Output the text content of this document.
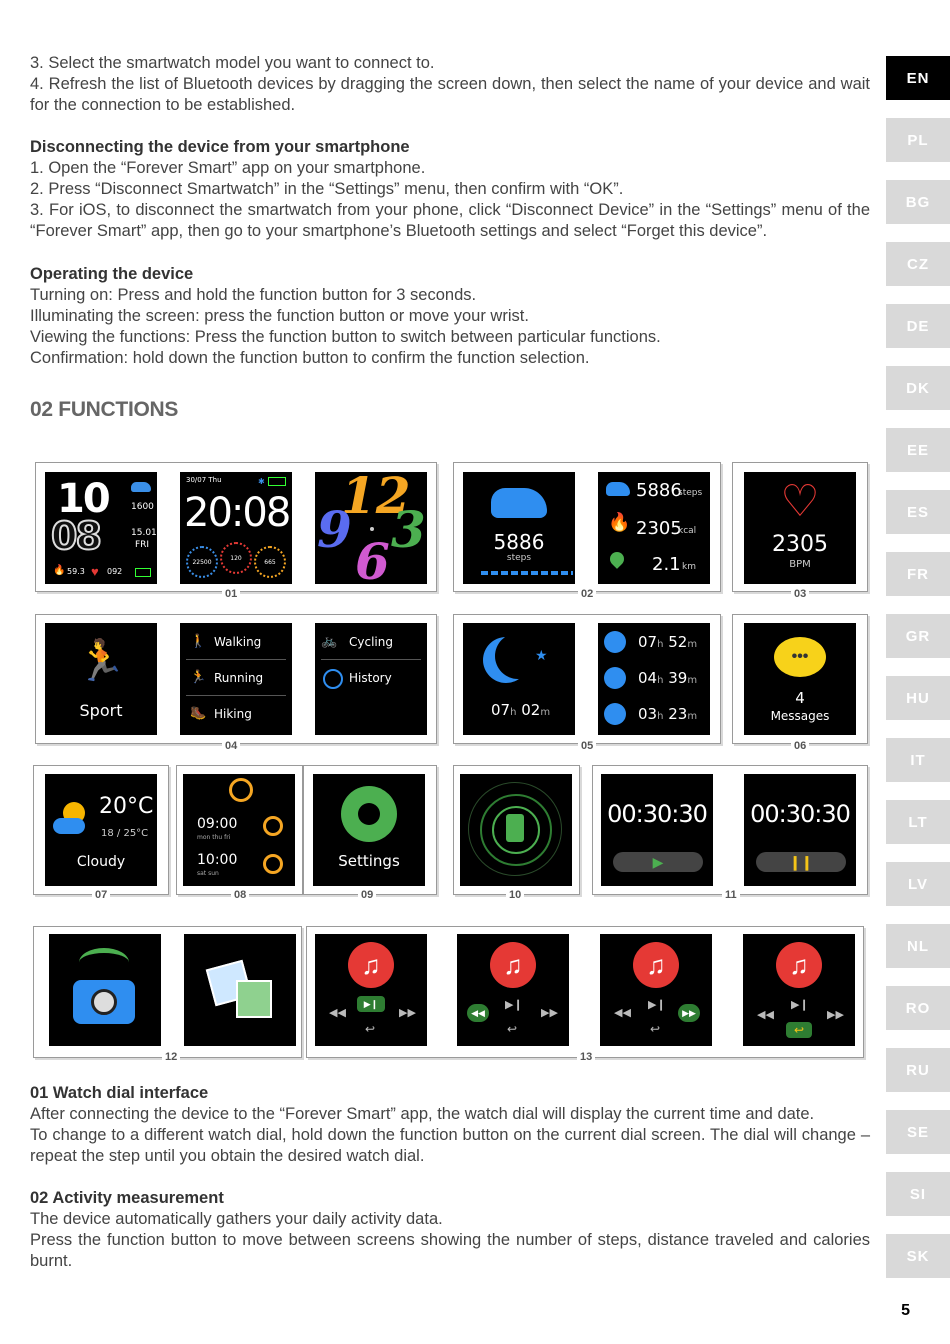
3. Select the smartwatch model you want to connect to.

4. Refresh the list of Bluetooth devices by dragging the screen down, then select the name of your device and wait for the connection to be established.

Disconnecting the device from your smartphone

1. Open the “Forever Smart” app on your smartphone.

2. Press “Disconnect Smartwatch” in the “Settings” menu, then confirm with “OK”.

3. For iOS, to disconnect the smartwatch from your phone, click “Disconnect Device” in the “Settings” menu of the “Forever Smart” app, then go to your smartphone’s Bluetooth settings and select “Forget this device”.

Operating the device

Turning on: Press and hold the function button for 3 seconds.

Illuminating the screen: press the function button or move your wrist.

Viewing the functions: Press the function button to switch between particular functions.

Confirmation: hold down the function button to confirm the function selection.

02 FUNCTIONS
10
08
1600
15.01
FRI
🔥 59.3 ♥ 092
30/07 Thu	✱
20:08
22500
120
665
12
9 3
6
01
5886
steps
5886
steps
🔥 2305
kcal
2.1 km
02
♡
2305
BPM
03
🏃
Sport
🚶 Walking
🏃 Running
🥾 Hiking
🚲 Cycling
History
04
★
07h 02m
07h 52m
04h 39m
03h 23m
05
•••
4
Messages
06
20°C
18 / 25°C
Cloudy
07
09:00
mon thu fri
10:00
sat sun
08
Settings
09	10
00:30:30
▶
00:30:30
❙❙
11
12
♫
▶❙
◀◀	▶▶
↩
♫
▶❙
◀◀	▶▶
↩
♫
▶❙
◀◀	▶▶
↩
♫
▶❙
◀◀	▶▶
↩
13

01 Watch dial interface

After connecting the device to the “Forever Smart” app, the watch dial will display the current time and date.

To change to a different watch dial, hold down the function button on the current dial screen. The dial will change – repeat the step until you obtain the desired watch dial.

02 Activity measurement

The device automatically gathers your daily activity data.

Press the function button to move between screens showing the number of steps, distance traveled and calories burnt.

EN
PL
BG
CZ
DE
DK
EE
ES
FR
GR
HU
IT
LT
LV
NL
RO
RU
SE
SI
SK
5
